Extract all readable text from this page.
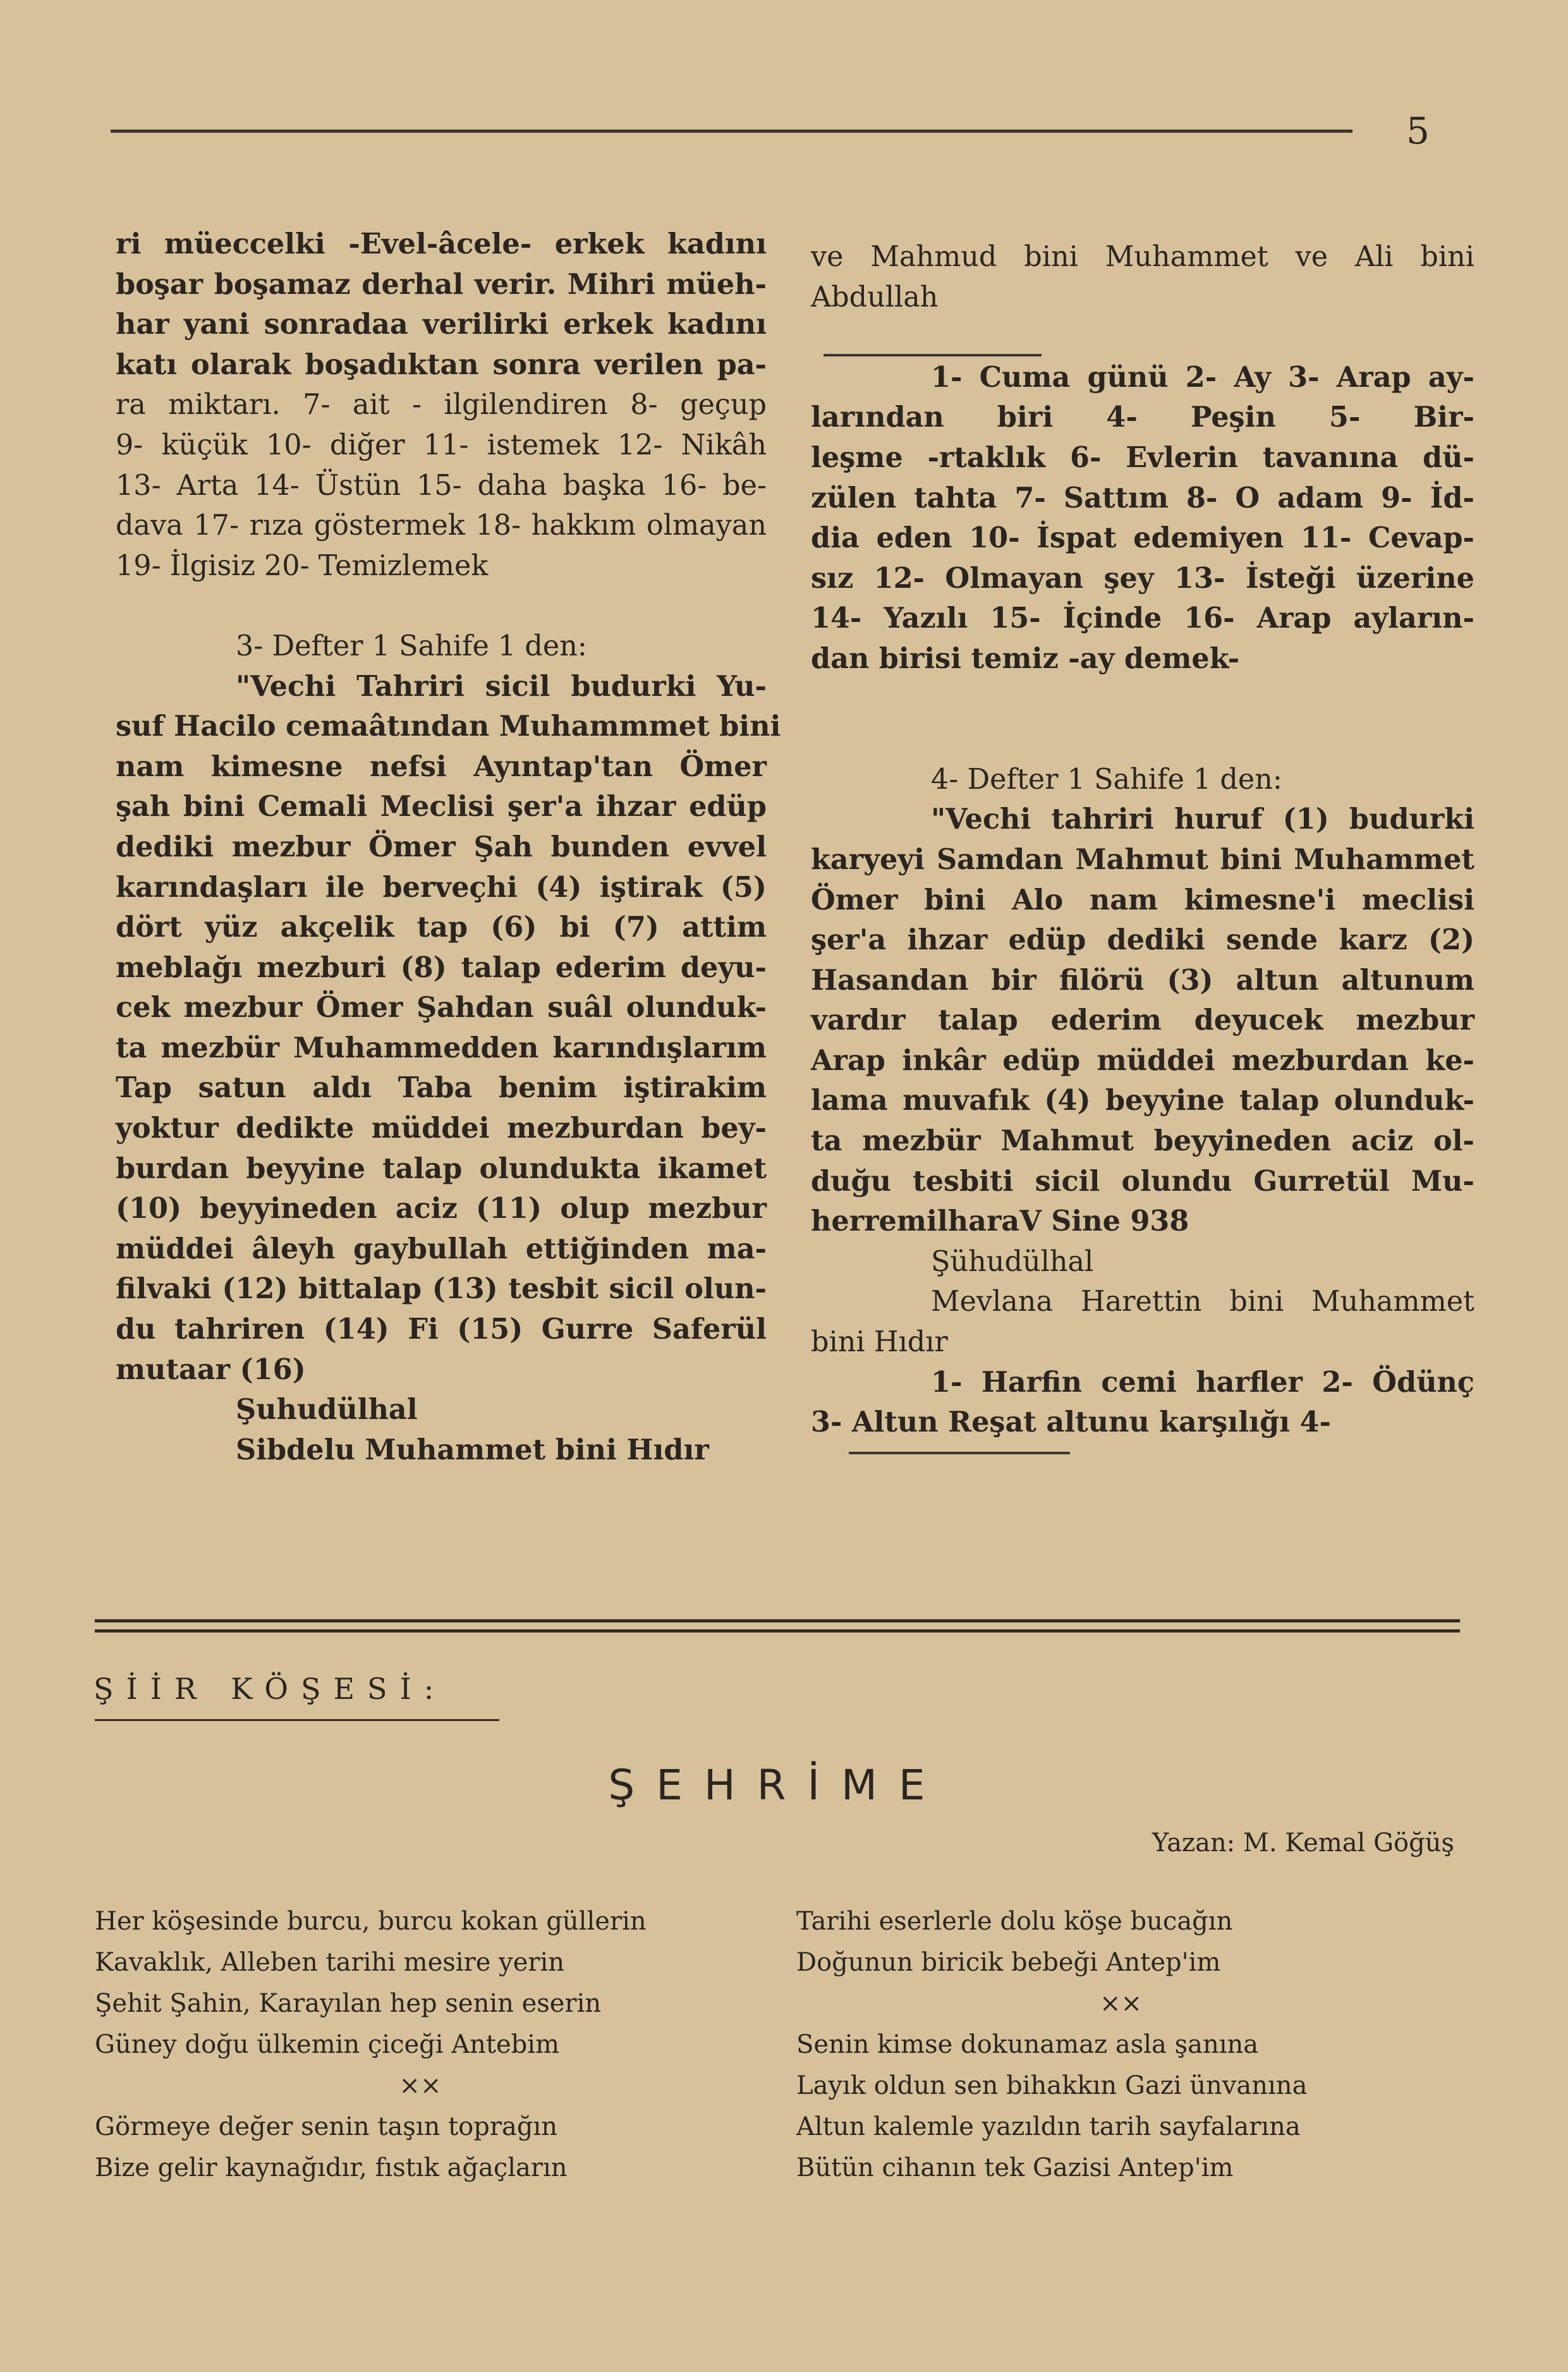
5
ri müeccelki -Evel-âcele- erkek kadını
boşar boşamaz derhal verir. Mihri müeh-
har yani sonradaa verilirki erkek kadını
katı olarak boşadıktan sonra verilen pa-
ra miktarı. 7- ait - ilgilendiren 8- geçup
9- küçük 10- diğer 11- istemek 12- Nikâh
13- Arta 14- Üstün 15- daha başka 16- be-
dava 17- rıza göstermek 18- hakkım olmayan
19- İlgisiz 20- Temizlemek
3- Defter 1 Sahife 1 den:
"Vechi Tahriri sicil budurki Yu-
suf Hacilo cemaâtından Muhammmet bini
nam kimesne nefsi Ayıntap'tan Ömer
şah bini Cemali Meclisi şer'a ihzar edüp
dediki mezbur Ömer Şah bunden evvel
karındaşları ile berveçhi (4) iştirak (5)
dört yüz akçelik tap (6) bi (7) attim
meblağı mezburi (8) talap ederim deyu-
cek mezbur Ömer Şahdan suâl olunduk-
ta mezbür Muhammedden karındışlarım
Tap satun aldı Taba benim iştirakim
yoktur dedikte müddei mezburdan bey-
burdan beyyine talap olundukta ikamet
(10) beyyineden aciz (11) olup mezbur
müddei âleyh gaybullah ettiğinden ma-
filvaki (12) bittalap (13) tesbit sicil olun-
du tahriren (14) Fi (15) Gurre Saferül
mutaar (16)
Şuhudülhal
Sibdelu Muhammet bini Hıdır
ve Mahmud bini Muhammet ve Ali bini
Abdullah
1- Cuma günü 2- Ay 3- Arap ay-
larından biri 4- Peşin 5- Bir-
leşme -rtaklık 6- Evlerin tavanına dü-
zülen tahta 7- Sattım 8- O adam 9- İd-
dia eden 10- İspat edemiyen 11- Cevap-
sız 12- Olmayan şey 13- İsteği üzerine
14- Yazılı 15- İçinde 16- Arap ayların-
dan birisi temiz -ay demek-
4- Defter 1 Sahife 1 den:
"Vechi tahriri huruf (1) budurki
karyeyi Samdan Mahmut bini Muhammet
Ömer bini Alo nam kimesne'i meclisi
şer'a ihzar edüp dediki sende karz (2)
Hasandan bir filörü (3) altun altunum
vardır talap ederim deyucek mezbur
Arap inkâr edüp müddei mezburdan ke-
lama muvafık (4) beyyine talap olunduk-
ta mezbür Mahmut beyyineden aciz ol-
duğu tesbiti sicil olundu Gurretül Mu-
herremilharaV Sine 938
Şühudülhal
Mevlana Harettin bini Muhammet
bini Hıdır
1- Harfin cemi harfler 2- Ödünç
3- Altun Reşat altunu karşılığı 4-
ŞİİR KÖŞESİ:
ŞEHRİME
Yazan: M. Kemal Göğüş
Her köşesinde burcu, burcu kokan güllerin
Kavaklık, Alleben tarihi mesire yerin
Şehit Şahin, Karayılan hep senin eserin
Güney doğu ülkemin çiceği Antebim
××
Görmeye değer senin taşın toprağın
Bize gelir kaynağıdır, fıstık ağaçların
Tarihi eserlerle dolu köşe bucağın
Doğunun biricik bebeği Antep'im
××
Senin kimse dokunamaz asla şanına
Layık oldun sen bihakkın Gazi ünvanına
Altun kalemle yazıldın tarih sayfalarına
Bütün cihanın tek Gazisi Antep'im
